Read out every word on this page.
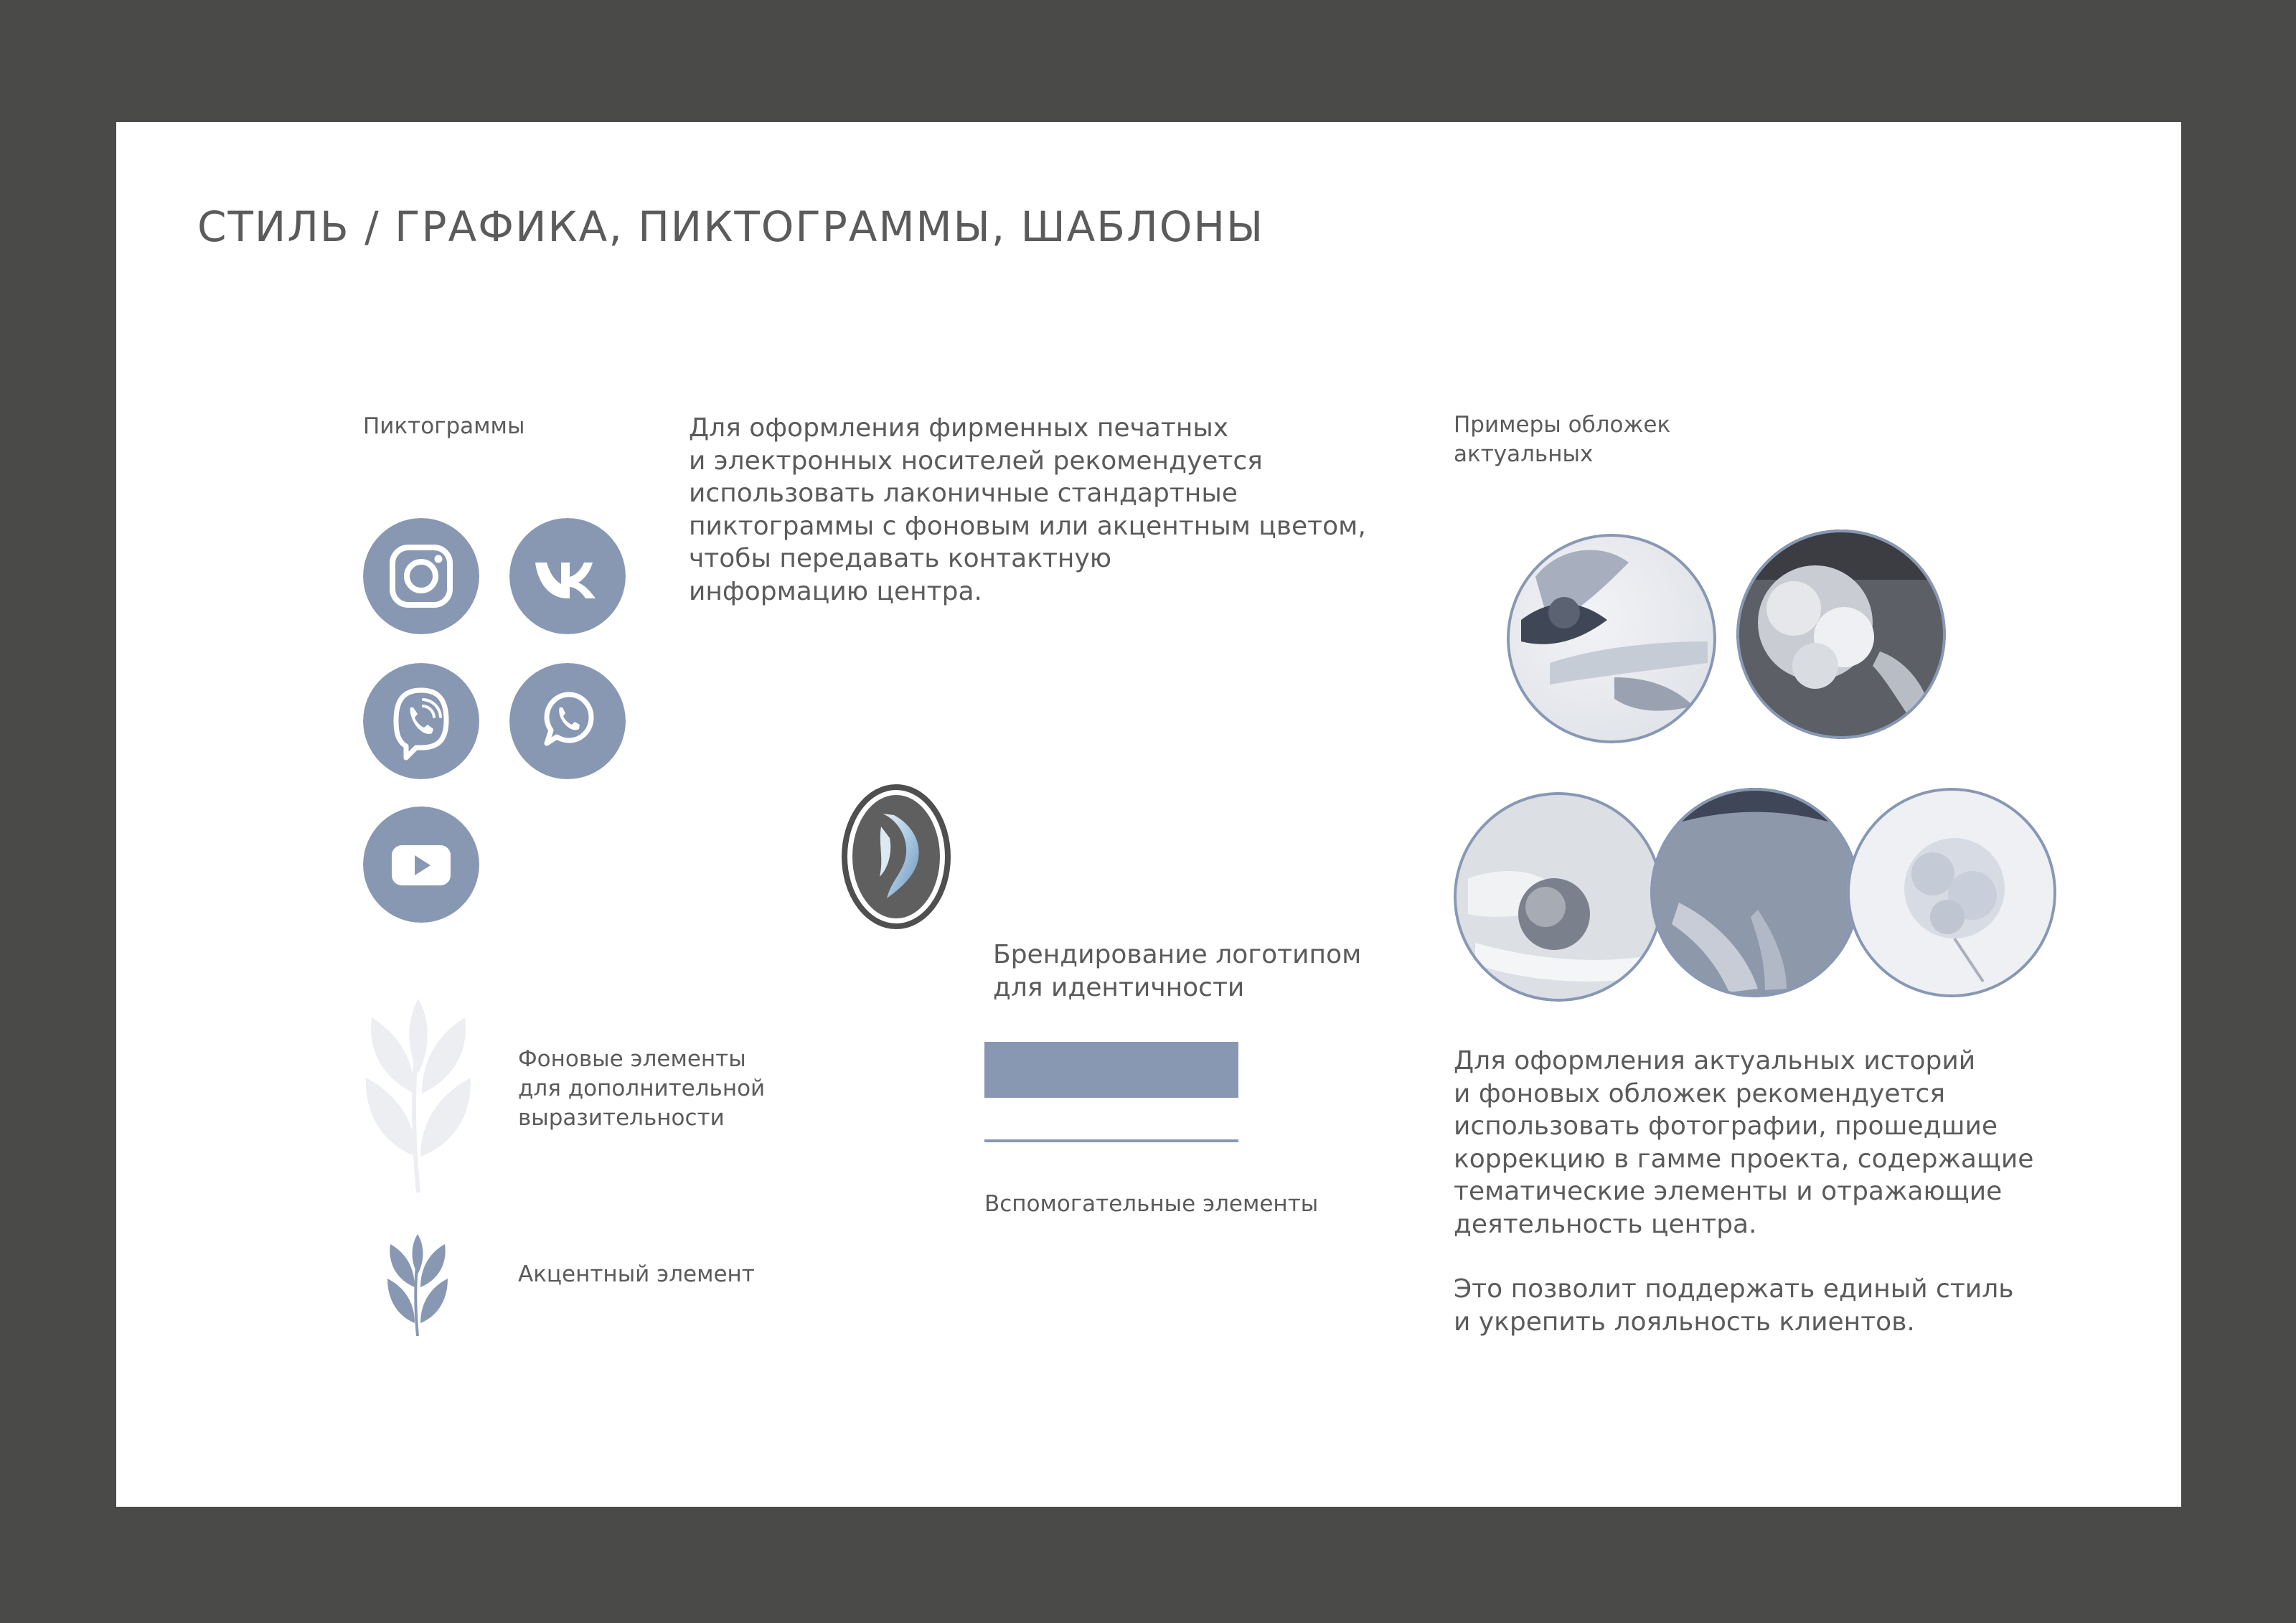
СТИЛЬ / ГРАФИКА, ПИКТОГРАММЫ, ШАБЛОНЫ
Пиктограммы	Для оформления фирменных печатных
и электронных носителей рекомендуется
использовать лаконичные стандартные
пиктограммы с фоновым или акцентным цветом,
чтобы передавать контактную
информацию центра.
Брендирование логотипом
для идентичности
Фоновые элементы
для дополнительной
выразительности
Акцентный элемент
Вспомогательные элементы
Примеры обложек
актуальных
Для оформления актуальных историй
и фоновых обложек рекомендуется
использовать фотографии, прошедшие
коррекцию в гамме проекта, содержащие
тематические элементы и отражающие
деятельность центра.
Это позволит поддержать единый стиль
и укрепить лояльность клиентов.
